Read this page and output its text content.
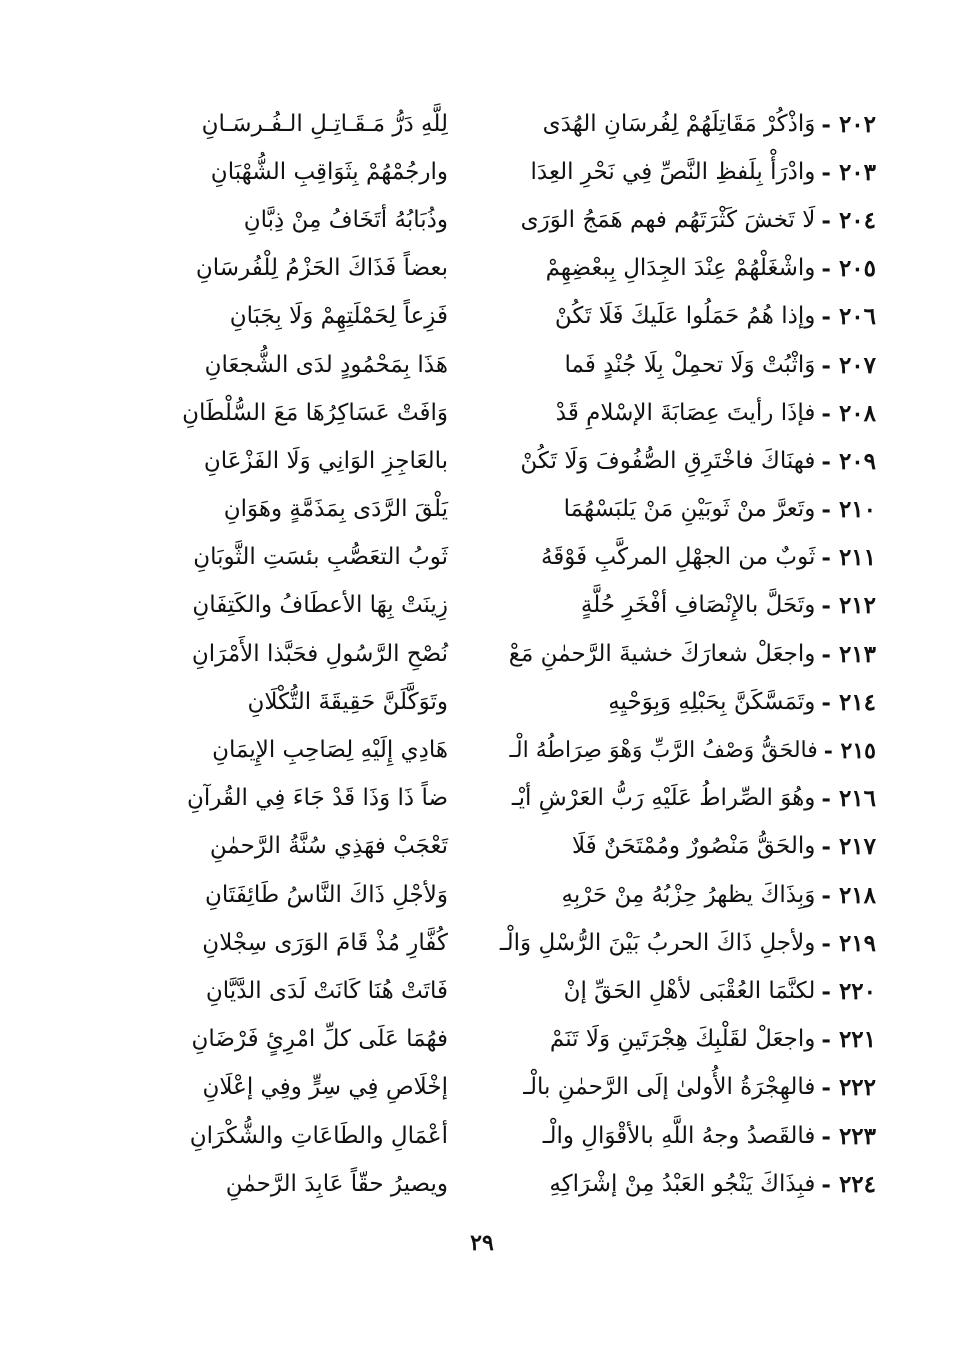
٢٠٢ -
وَاذْكُرْ مَقَاتِلَهُمْ لِفُرسَانِ الهُدَى
لِلَّهِ دَرُّ مَـقَـاتِـلِ الـفُـرسَـانِ
٢٠٣ -
وادْرَأْ بِلَفظِ النَّصِّ فِي نَحْرِ العِدَا
وارجُمْهُمْ بِثَوَاقِبِ الشُّهْبَانِ
٢٠٤ -
لَا تَخشَ كَثْرَتَهُم فهم هَمَجُ الوَرَى
وذُبَابُهُ أتَخَافُ مِنْ ذِبَّانِ
٢٠٥ -
واشْغَلْهُمْ عِنْدَ الجِدَالِ بِبعْضِهِمْ
بعضاً فَذَاكَ الحَزْمُ لِلْفُرسَانِ
٢٠٦ -
وإذا هُمُ حَمَلُوا عَلَيكَ فَلَا تَكُنْ
فَزِعاً لِحَمْلَتِهِمْ وَلَا بِجَبَانِ
٢٠٧ -
وَاثْبُتْ وَلَا تحمِلْ بِلَا جُنْدٍ فَما
هَذَا بِمَحْمُودٍ لدَى الشُّجعَانِ
٢٠٨ -
فإذَا رأيتَ عِصَابَةَ الإسْلامِ قَدْ
وَافَتْ عَسَاكِرُهَا مَعَ السُّلْطَانِ
٢٠٩ -
فهنَاكَ فاخْتَرِقِ الصُّفُوفَ وَلَا تَكُنْ
بالعَاجِزِ الوَانِي وَلَا الفَزْعَانِ
٢١٠ -
وتَعرَّ منْ ثَوبَيْنِ مَنْ يَلبَسْهُمَا
يَلْقَ الرَّدَى بِمَذَمَّةٍ وهَوَانِ
٢١١ -
ثَوبٌ من الجهْلِ المركَّبِ فَوْقَهُ
ثَوبُ التعَصُّبِ بئسَتِ الثَّوبَانِ
٢١٢ -
وتَحَلَّ بالإِنْصَافِ أفْخَرِ حُلَّةٍ
زِينَتْ بِهَا الأعطَافُ والكَتِفَانِ
٢١٣ -
واجعَلْ شعارَكَ خشيةَ الرَّحمٰنِ مَعْ
نُصْحِ الرَّسُولِ فحَبَّذا الأَمْرَانِ
٢١٤ -
وتَمَسَّكَنَّ بِحَبْلِهِ وَبِوَحْيِهِ
وتَوَكَّلَنَّ حَقِيقَةَ التُّكْلَانِ
٢١٥ -
فالحَقُّ وَصْفُ الرَّبِّ وَهْوَ صِرَاطُهُ الْـ
هَادِي إِلَيْهِ لِصَاحِبِ الإِيمَانِ
٢١٦ -
وهُوَ الصِّراطُ عَلَيْهِ رَبُّ العَرْشِ أيْـ
ضاً ذَا وَذَا قَدْ جَاءَ فِي القُرآنِ
٢١٧ -
والحَقُّ مَنْصُورٌ ومُمْتَحَنٌ فَلَا
تَعْجَبْ فهَذِي سُنَّةُ الرَّحمٰنِ
٢١٨ -
وَبِذَاكَ يظهرُ حِزْبُهُ مِنْ حَرْبِهِ
وَلأجْلِ ذَاكَ النَّاسُ طَائِفَتَانِ
٢١٩ -
ولأجلِ ذَاكَ الحربُ بَيْنَ الرُّسْلِ وَالْـ
كُفَّارِ مُذْ قَامَ الوَرَى سِجْلانِ
٢٢٠ -
لكنَّمَا العُقْبَى لأهْلِ الحَقِّ إنْ
فَاتَتْ هُنَا كَانَتْ لَدَى الدَّيَّانِ
٢٢١ -
واجعَلْ لقَلْبِكَ هِجْرَتَينِ وَلَا تَنَمْ
فهُمَا عَلَى كلِّ امْرِئٍ فَرْضَانِ
٢٢٢ -
فالهِجْرَةُ الأُولىٰ إلَى الرَّحمٰنِ بالْـ
إخْلَاصِ فِي سِرٍّ وفِي إعْلَانِ
٢٢٣ -
فالقَصدُ وجهُ اللَّهِ بالأقْوَالِ والْـ
أعْمَالِ والطَاعَاتِ والشُّكْرَانِ
٢٢٤ -
فبِذَاكَ يَنْجُو العَبْدُ مِنْ إشْرَاكِهِ
ويصيرُ حقّاً عَابِدَ الرَّحمٰنِ
٢٩
